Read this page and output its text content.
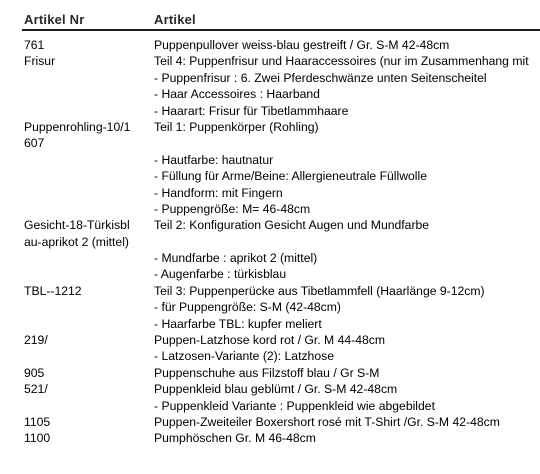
Artikel Nr	Artikel
761	Puppenpullover weiss-blau gestreift / Gr. S-M 42-48cm
Frisur	Teil 4: Puppenfrisur und Haaraccessoires (nur im Zusammenhang mit
- Puppenfrisur : 6. Zwei Pferdeschwänze unten Seitenscheitel
- Haar Accessoires : Haarband
- Haarart: Frisur für Tibetlammhaare
Puppenrohling-10/1	Teil 1: Puppenkörper (Rohling)
607
- Hautfarbe: hautnatur
- Füllung für Arme/Beine: Allergieneutrale Füllwolle
- Handform: mit Fingern
- Puppengröße: M= 46-48cm
Gesicht-18-Türkisbl	Teil 2: Konfiguration Gesicht Augen und Mundfarbe
au-aprikot 2 (mittel)
- Mundfarbe : aprikot 2 (mittel)
- Augenfarbe : türkisblau
TBL--1212	Teil 3: Puppenperücke aus Tibetlammfell (Haarlänge 9-12cm)
- für Puppengröße: S-M (42-48cm)
- Haarfarbe TBL: kupfer meliert
219/	Puppen-Latzhose kord rot / Gr. M 44-48cm
- Latzosen-Variante (2): Latzhose
905	Puppenschuhe aus Filzstoff blau / Gr S-M
521/	Puppenkleid blau geblümt / Gr. S-M 42-48cm
- Puppenkleid Variante : Puppenkleid wie abgebildet
1105	Puppen-Zweiteiler Boxershort rosé mit T-Shirt /Gr. S-M 42-48cm
1100	Pumphöschen Gr. M 46-48cm
